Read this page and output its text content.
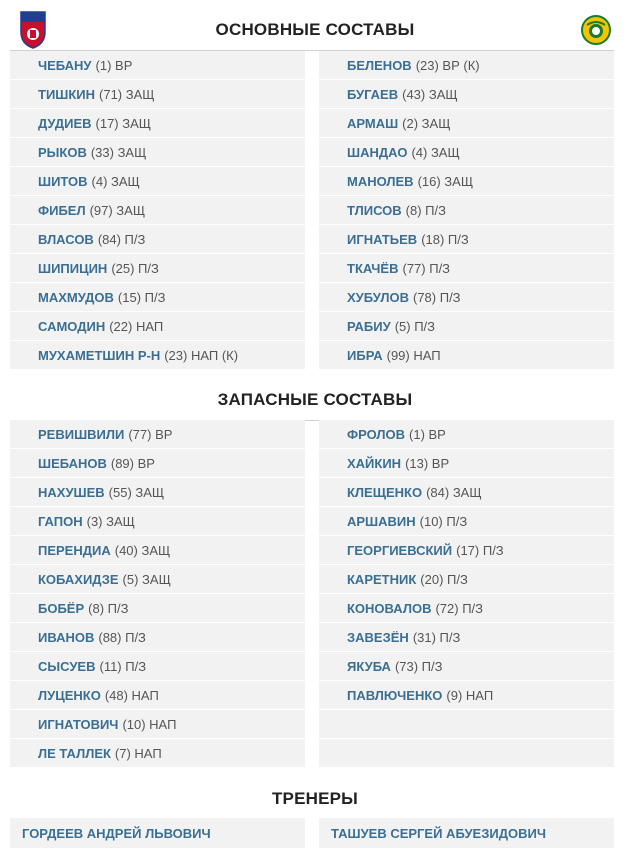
ОСНОВНЫЕ СОСТАВЫ
ЧЕБАНУ (1) ВР
ТИШКИН (71) ЗАЩ
ДУДИЕВ (17) ЗАЩ
РЫКОВ (33) ЗАЩ
ШИТОВ (4) ЗАЩ
ФИБЕЛ (97) ЗАЩ
ВЛАСОВ (84) П/З
ШИПИЦИН (25) П/З
МАХМУДОВ (15) П/З
САМОДИН (22) НАП
МУХАМЕТШИН Р-Н (23) НАП (К)
БЕЛЕНОВ (23) ВР (К)
БУГАЕВ (43) ЗАЩ
АРМАШ (2) ЗАЩ
ШАНДАО (4) ЗАЩ
МАНОЛЕВ (16) ЗАЩ
ТЛИСОВ (8) П/З
ИГНАТЬЕВ (18) П/З
ТКАЧЁВ (77) П/З
ХУБУЛОВ (78) П/З
РАБИУ (5) П/З
ИБРА (99) НАП
ЗАПАСНЫЕ СОСТАВЫ
РЕВИШВИЛИ (77) ВР
ШЕБАНОВ (89) ВР
НАХУШЕВ (55) ЗАЩ
ГАПОН (3) ЗАЩ
ПЕРЕНДИА (40) ЗАЩ
КОБАХИДЗЕ (5) ЗАЩ
БОБЁР (8) П/З
ИВАНОВ (88) П/З
СЫСУЕВ (11) П/З
ЛУЦЕНКО (48) НАП
ИГНАТОВИЧ (10) НАП
ЛЕ ТАЛЛЕК (7) НАП
ФРОЛОВ (1) ВР
ХАЙКИН (13) ВР
КЛЕЩЕНКО (84) ЗАЩ
АРШАВИН (10) П/З
ГЕОРГИЕВСКИЙ (17) П/З
КАРЕТНИК (20) П/З
КОНОВАЛОВ (72) П/З
ЗАВЕЗЁН (31) П/З
ЯКУБА (73) П/З
ПАВЛЮЧЕНКО (9) НАП
ТРЕНЕРЫ
ГОРДЕЕВ АНДРЕЙ ЛЬВОВИЧ	ТАШУЕВ СЕРГЕЙ АБУЕЗИДОВИЧ
